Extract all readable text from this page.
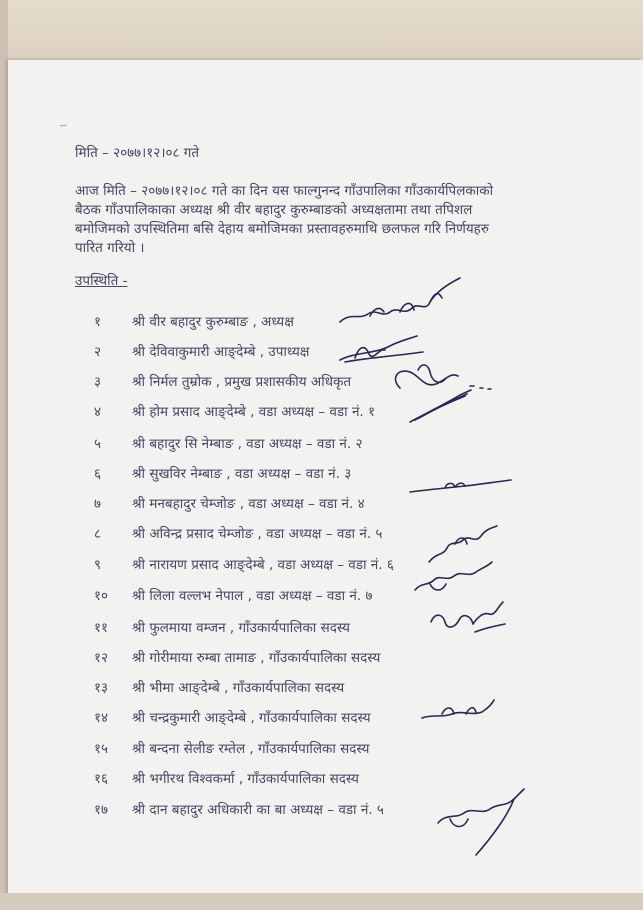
मिति – २०७७।१२।०८ गते
आज मिति – २०७७।१२।०८ गते का दिन यस फाल्गुनन्द गाँउपालिका गाँउकार्यपिलकाको
बैठक गाँउपालिकाका अध्यक्ष श्री वीर बहादुर कुरुम्बाङको अध्यक्षतामा तथा तपिशल
बमोजिमको उपस्थितिमा बसि देहाय बमोजिमका प्रस्तावहरुमाथि छलफल गरि निर्णयहरु
पारित गरियो ।
उपस्थिति -
१	श्री वीर बहादुर कुरुम्बाङ , अध्यक्ष
२	श्री देविवाकुमारी आङ्देम्बे , उपाध्यक्ष
३	श्री निर्मल तुम्रोक , प्रमुख प्रशासकीय अधिकृत
४	श्री होम प्रसाद आङ्देम्बे , वडा अध्यक्ष – वडा नं. १
५	श्री बहादुर सि नेम्बाङ , वडा अध्यक्ष – वडा नं. २
६	श्री सुखविर नेम्बाङ , वडा अध्यक्ष – वडा नं. ३
७	श्री मनबहादुर चेम्जोङ , वडा अध्यक्ष – वडा नं. ४
८	श्री अविन्द्र प्रसाद चेम्जोङ , वडा अध्यक्ष – वडा नं. ५
९	श्री नारायण प्रसाद आङ्देम्बे , वडा अध्यक्ष – वडा नं. ६
१०	श्री लिला वल्लभ नेपाल , वडा अध्यक्ष – वडा नं. ७
११	श्री फुलमाया वम्जन , गाँउकार्यपालिका सदस्य
१२	श्री गोरीमाया रुम्बा तामाङ , गाँउकार्यपालिका सदस्य
१३	श्री भीमा आङ्देम्बे , गाँउकार्यपालिका सदस्य
१४	श्री चन्द्रकुमारी आङ्देम्बे , गाँउकार्यपालिका सदस्य
१५	श्री बन्दना सेलीङ रम्तेल , गाँउकार्यपालिका सदस्य
१६	श्री भगीरथ विश्वकर्मा , गाँउकार्यपालिका सदस्य
१७	श्री दान बहादुर अधिकारी का बा अध्यक्ष – वडा नं. ५
